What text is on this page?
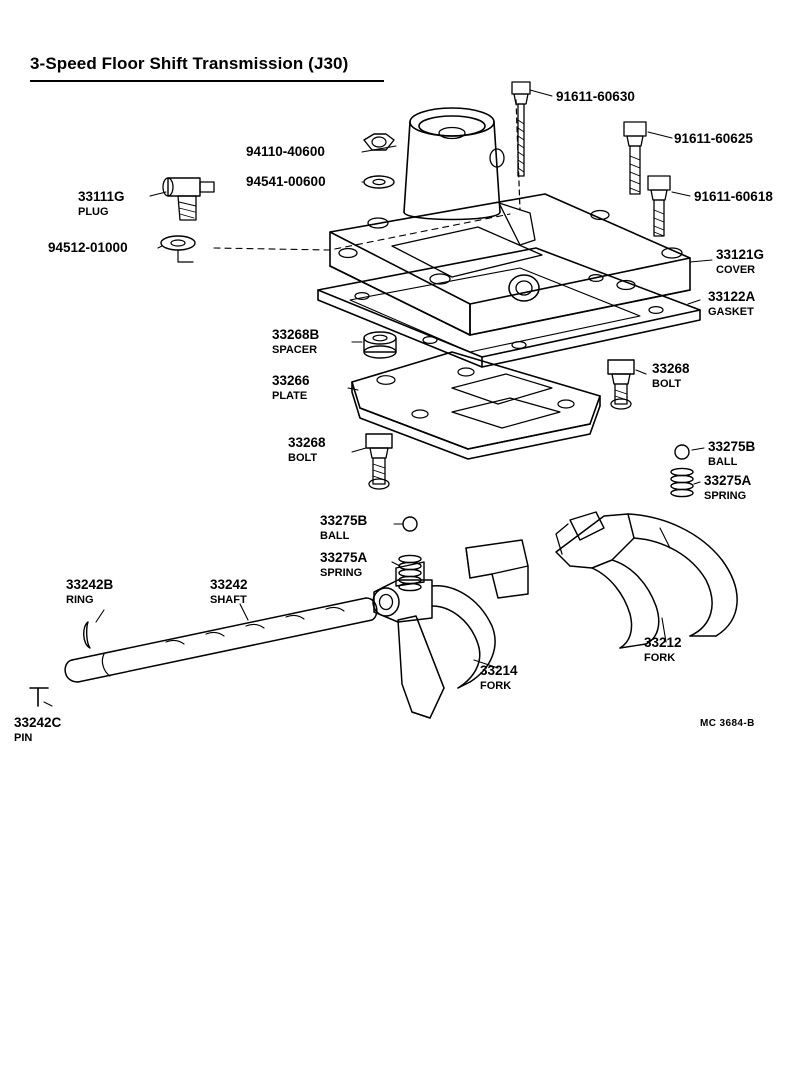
3-Speed Floor Shift Transmission (J30)
91611-60630
91611-60625
91611-60618
94110-40600
94541-00600
33111G
PLUG
94512-01000	33121G
COVER
33122A
GASKET
33268B
SPACER
33268
BOLT
33266
PLATE
33268
BOLT
33275B
BALL
33275A
SPRING
33275B
BALL
33275A
SPRING
33242B
RING
33242
SHAFT
33242C
PIN
33214
FORK
33212
FORK
MC 3684-B
